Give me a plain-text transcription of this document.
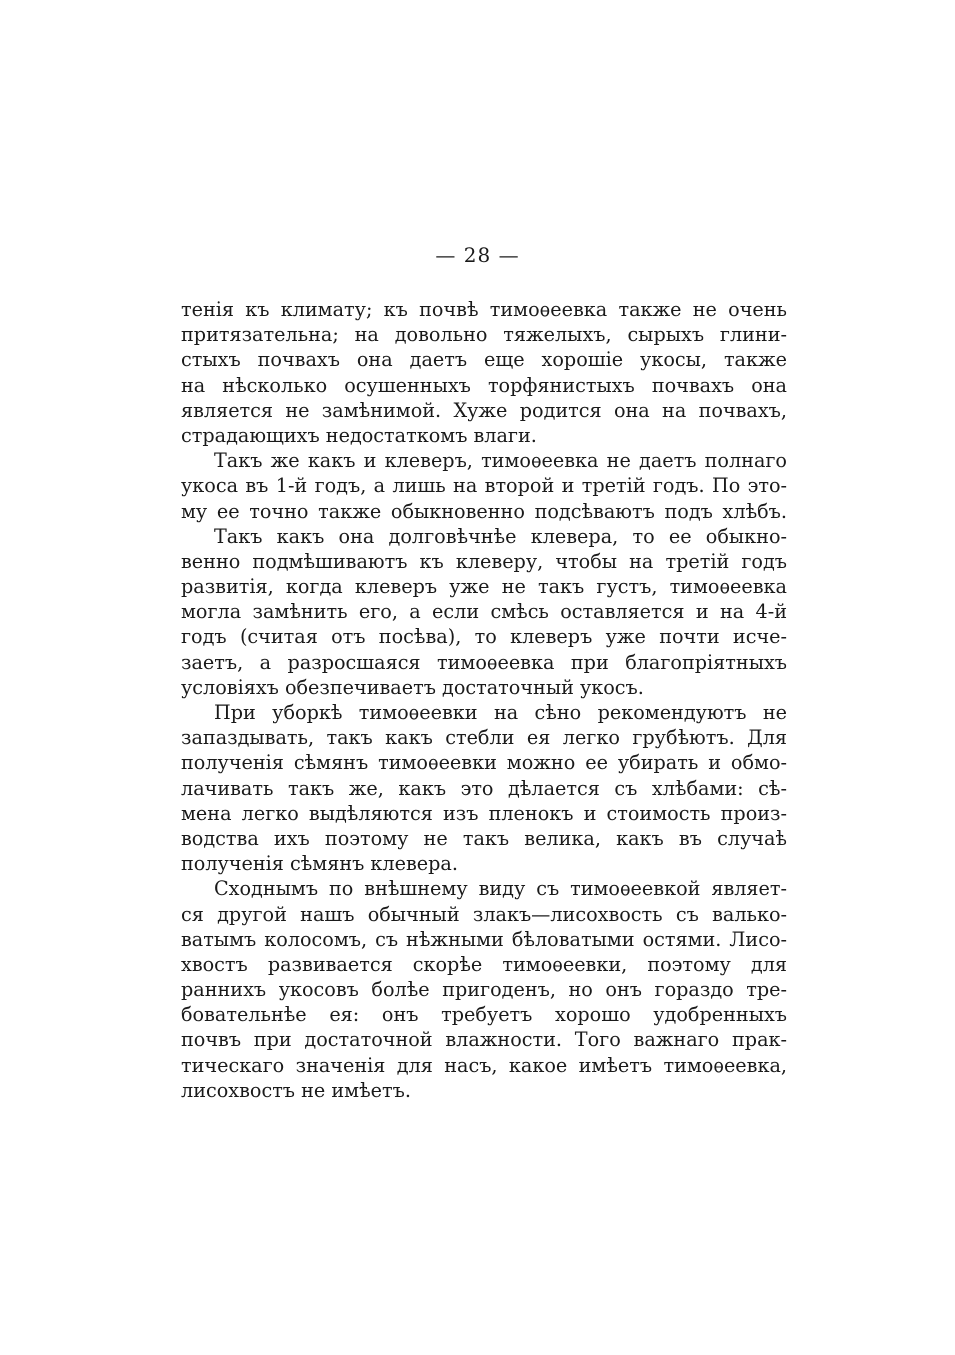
— 28 —
тенія къ климату; къ почвѣ тимоѳеевка также не очень
притязательна; на довольно тяжелыхъ, сырыхъ глини-
стыхъ почвахъ она даетъ еще хорошіе укосы, также
на нѣсколько осушенныхъ торфянистыхъ почвахъ она
является не замѣнимой. Хуже родится она на почвахъ,
страдающихъ недостаткомъ влаги.
Такъ же какъ и клеверъ, тимоѳеевка не даетъ полнаго
укоса въ 1-й годъ, а лишь на второй и третій годъ. По это-
му ее точно также обыкновенно подсѣваютъ подъ хлѣбъ.
Такъ какъ она долговѣчнѣе клевера, то ее обыкно-
венно подмѣшиваютъ къ клеверу, чтобы на третій годъ
развитія, когда клеверъ уже не такъ густъ, тимоѳеевка
могла замѣнить его, а если смѣсь оставляется и на 4-й
годъ (считая отъ посѣва), то клеверъ уже почти исче-
заетъ, а разросшаяся тимоѳеевка при благопріятныхъ
условіяхъ обезпечиваетъ достаточный укосъ.
При уборкѣ тимоѳеевки на сѣно рекомендуютъ не
запаздывать, такъ какъ стебли ея легко грубѣютъ. Для
полученія сѣмянъ тимоѳеевки можно ее убирать и обмо-
лачивать такъ же, какъ это дѣлается съ хлѣбами: сѣ-
мена легко выдѣляются изъ пленокъ и стоимость произ-
водства ихъ поэтому не такъ велика, какъ въ случаѣ
полученія сѣмянъ клевера.
Сходнымъ по внѣшнему виду съ тимоѳеевкой являет-
ся другой нашъ обычный злакъ—лисохвость съ валько-
ватымъ колосомъ, съ нѣжными бѣловатыми остями. Лисо-
хвостъ развивается скорѣе тимоѳеевки, поэтому для
раннихъ укосовъ болѣе пригоденъ, но онъ гораздо тре-
бовательнѣе ея: онъ требуетъ хорошо удобренныхъ
почвъ при достаточной влажности. Того важнаго прак-
тическаго значенія для насъ, какое имѣетъ тимоѳеевка,
лисохвостъ не имѣетъ.
